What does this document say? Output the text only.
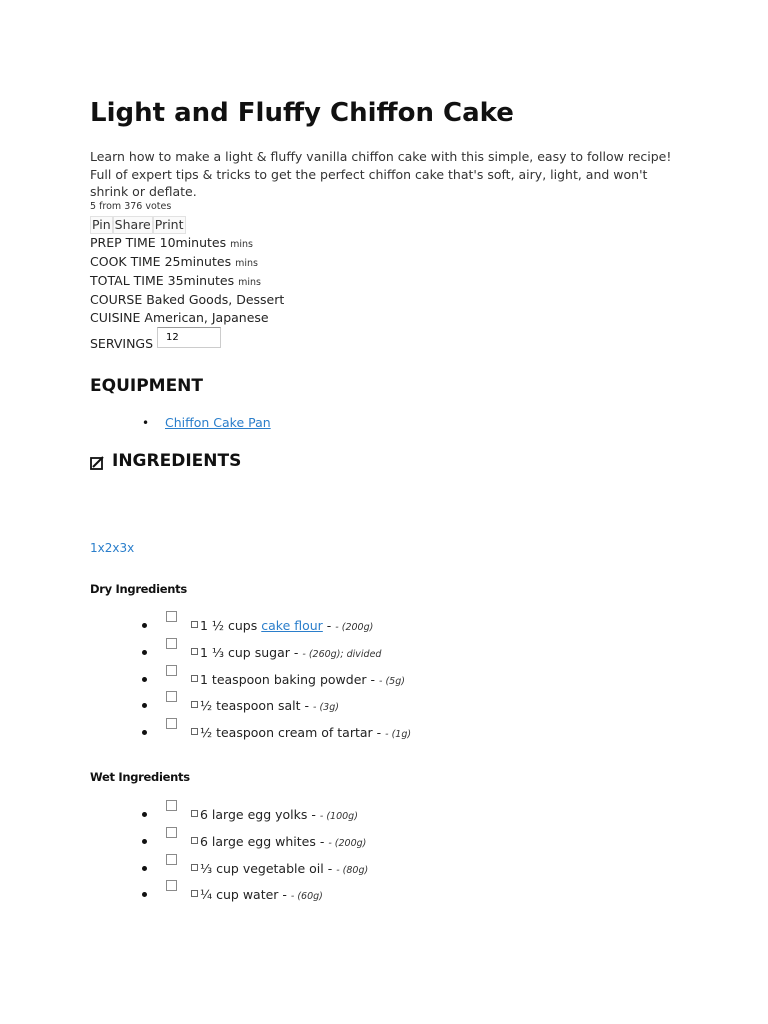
Light and Fluffy Chiffon Cake

Learn how to make a light & fluffy vanilla chiffon cake with this simple, easy to follow recipe! Full of expert tips & tricks to get the perfect chiffon cake that's soft, airy, light, and won't shrink or deflate.

5 from 376 votes
Pin Share Print
PREP TIME 10minutes mins
COOK TIME 25minutes mins
TOTAL TIME 35minutes mins
COURSE Baked Goods, Dessert
CUISINE American, Japanese
SERVINGS
12
EQUIPMENT
• Chiffon Cake Pan
INGREDIENTS
1x2x3x
Dry Ingredients
1 ½ cups cake flour - - (200g)
1 ⅓ cup sugar - - (260g); divided
1 teaspoon baking powder - - (5g)
½ teaspoon salt - - (3g)
½ teaspoon cream of tartar - - (1g)
Wet Ingredients
6 large egg yolks - - (100g)
6 large egg whites - - (200g)
⅓ cup vegetable oil - - (80g)
¼ cup water - - (60g)
